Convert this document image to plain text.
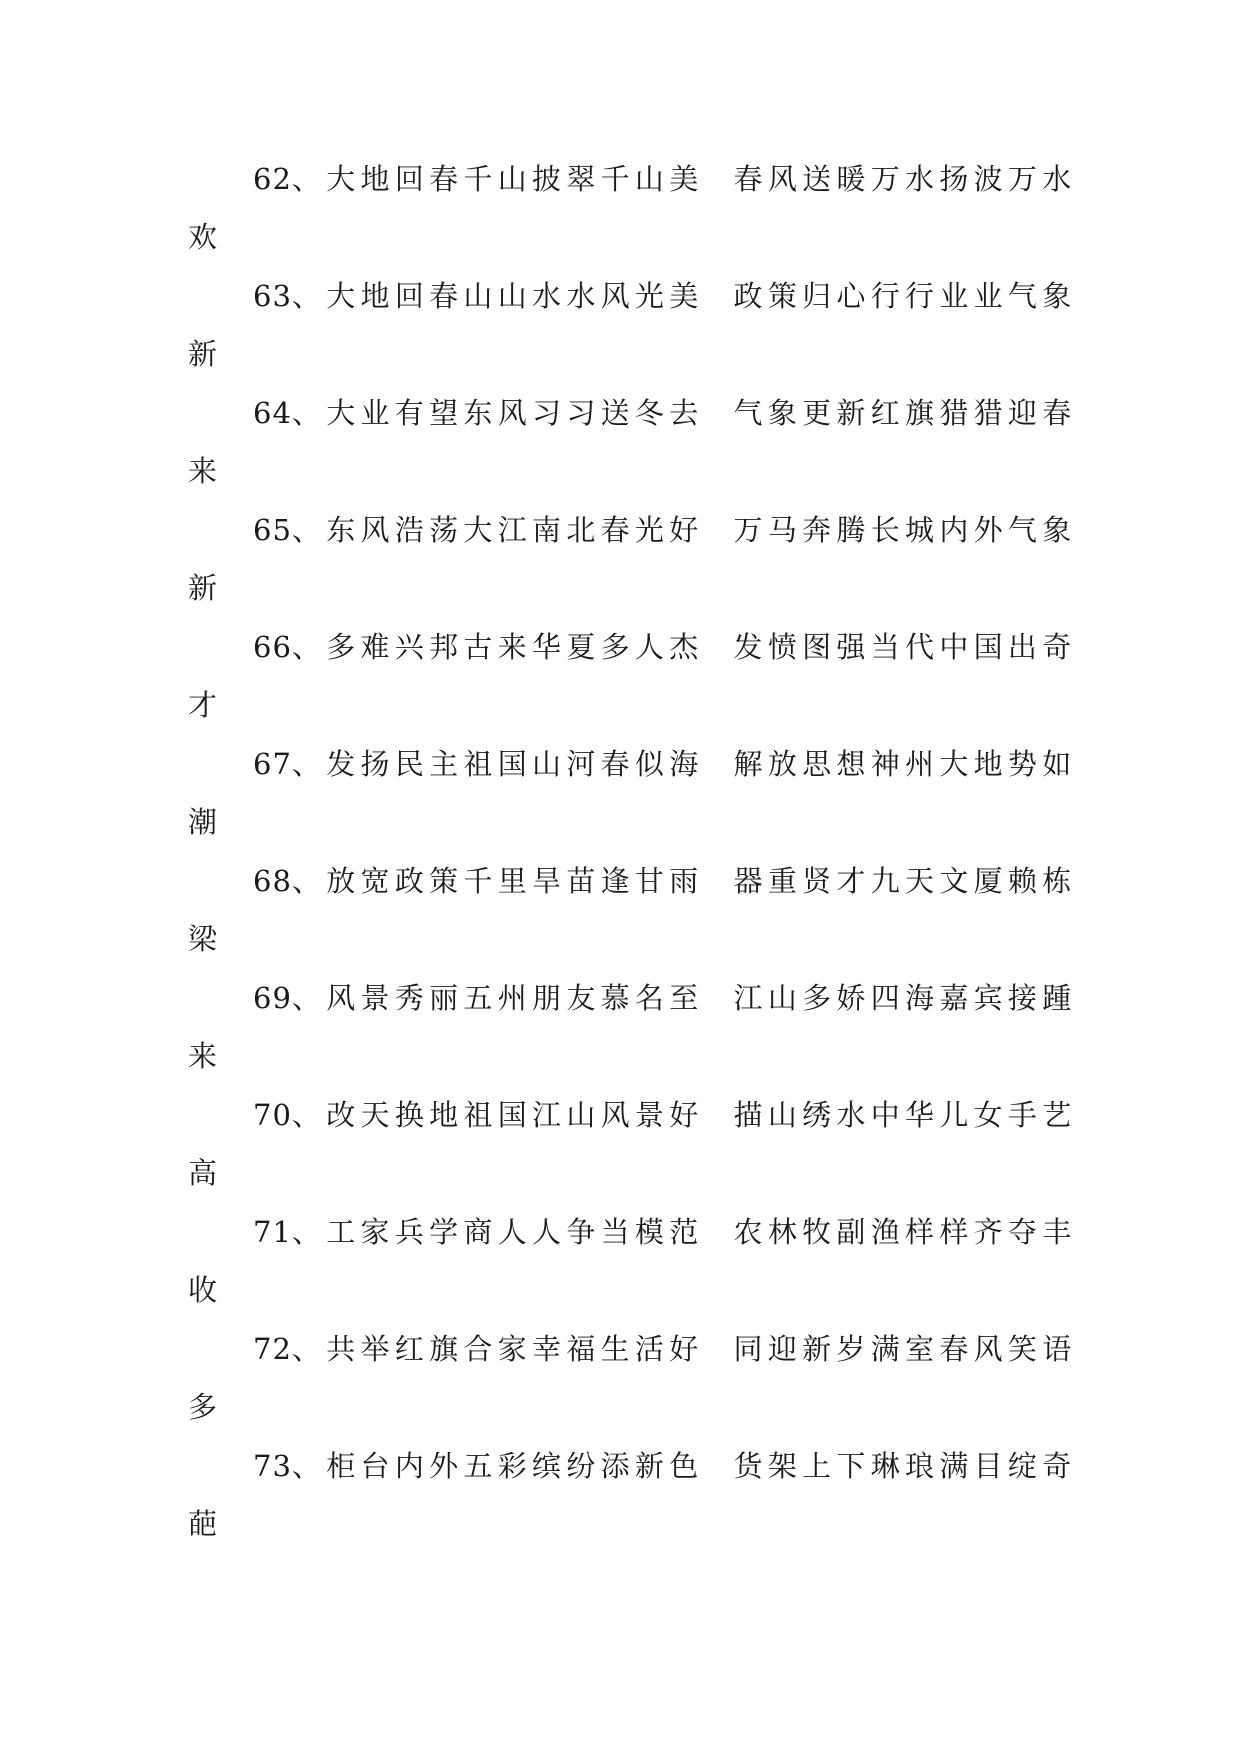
62、大地回春千山披翠千山美 春风送暖万水扬波万水
欢
63、大地回春山山水水风光美 政策归心行行业业气象
新
64、大业有望东风习习送冬去 气象更新红旗猎猎迎春
来
65、东风浩荡大江南北春光好 万马奔腾长城内外气象
新
66、多难兴邦古来华夏多人杰 发愤图强当代中国出奇
才
67、发扬民主祖国山河春似海 解放思想神州大地势如
潮
68、放宽政策千里旱苗逢甘雨 器重贤才九天文厦赖栋
梁
69、风景秀丽五州朋友慕名至 江山多娇四海嘉宾接踵
来
70、改天换地祖国江山风景好 描山绣水中华儿女手艺
高
71、工家兵学商人人争当模范 农林牧副渔样样齐夺丰
收
72、共举红旗合家幸福生活好 同迎新岁满室春风笑语
多
73、柜台内外五彩缤纷添新色 货架上下琳琅满目绽奇
葩
